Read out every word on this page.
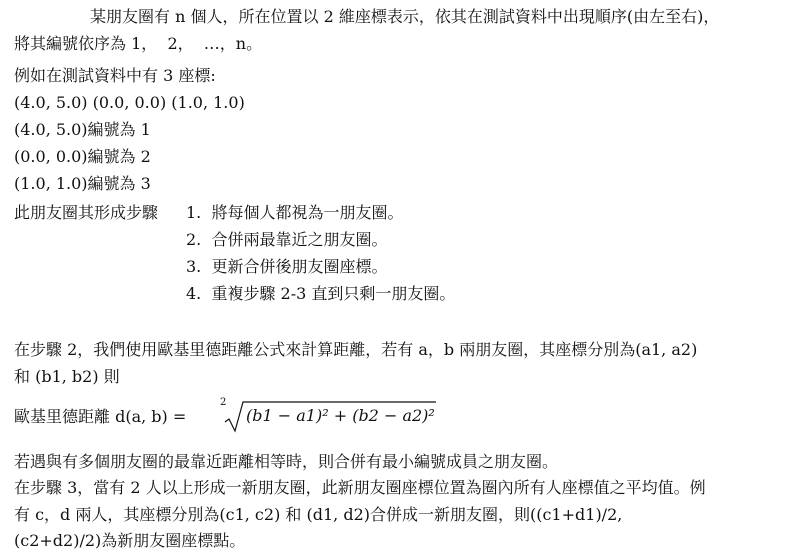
某朋友圈有 n 個人，所在位置以 2 維座標表示，依其在測試資料中出現順序(由左至右)，
將其編號依序為 1，  2，  …，n。
例如在測試資料中有 3 座標:
(4.0, 5.0) (0.0, 0.0) (1.0, 1.0)
(4.0, 5.0)編號為 1
(0.0, 0.0)編號為 2
(1.0, 1.0)編號為 3
此朋友圈其形成步驟 1.  將每個人都視為一朋友圈。
2.  合併兩最靠近之朋友圈。
3.  更新合併後朋友圈座標。
4.  重複步驟 2-3 直到只剩一朋友圈。
在步驟 2，我們使用歐基里德距離公式來計算距離，若有 a，b 兩朋友圈，其座標分別為(a1, a2)
和 (b1, b2) 則
歐基里德距離 d(a, b) =
2
(b1 − a1)² + (b2 − a2)²
若遇與有多個朋友圈的最靠近距離相等時，則合併有最小編號成員之朋友圈。
在步驟 3，當有 2 人以上形成一新朋友圈，此新朋友圈座標位置為圈內所有人座標值之平均值。例
有 c，d 兩人，其座標分別為(c1, c2) 和 (d1, d2)合併成一新朋友圈，則((c1+d1)/2,
(c2+d2)/2)為新朋友圈座標點。
